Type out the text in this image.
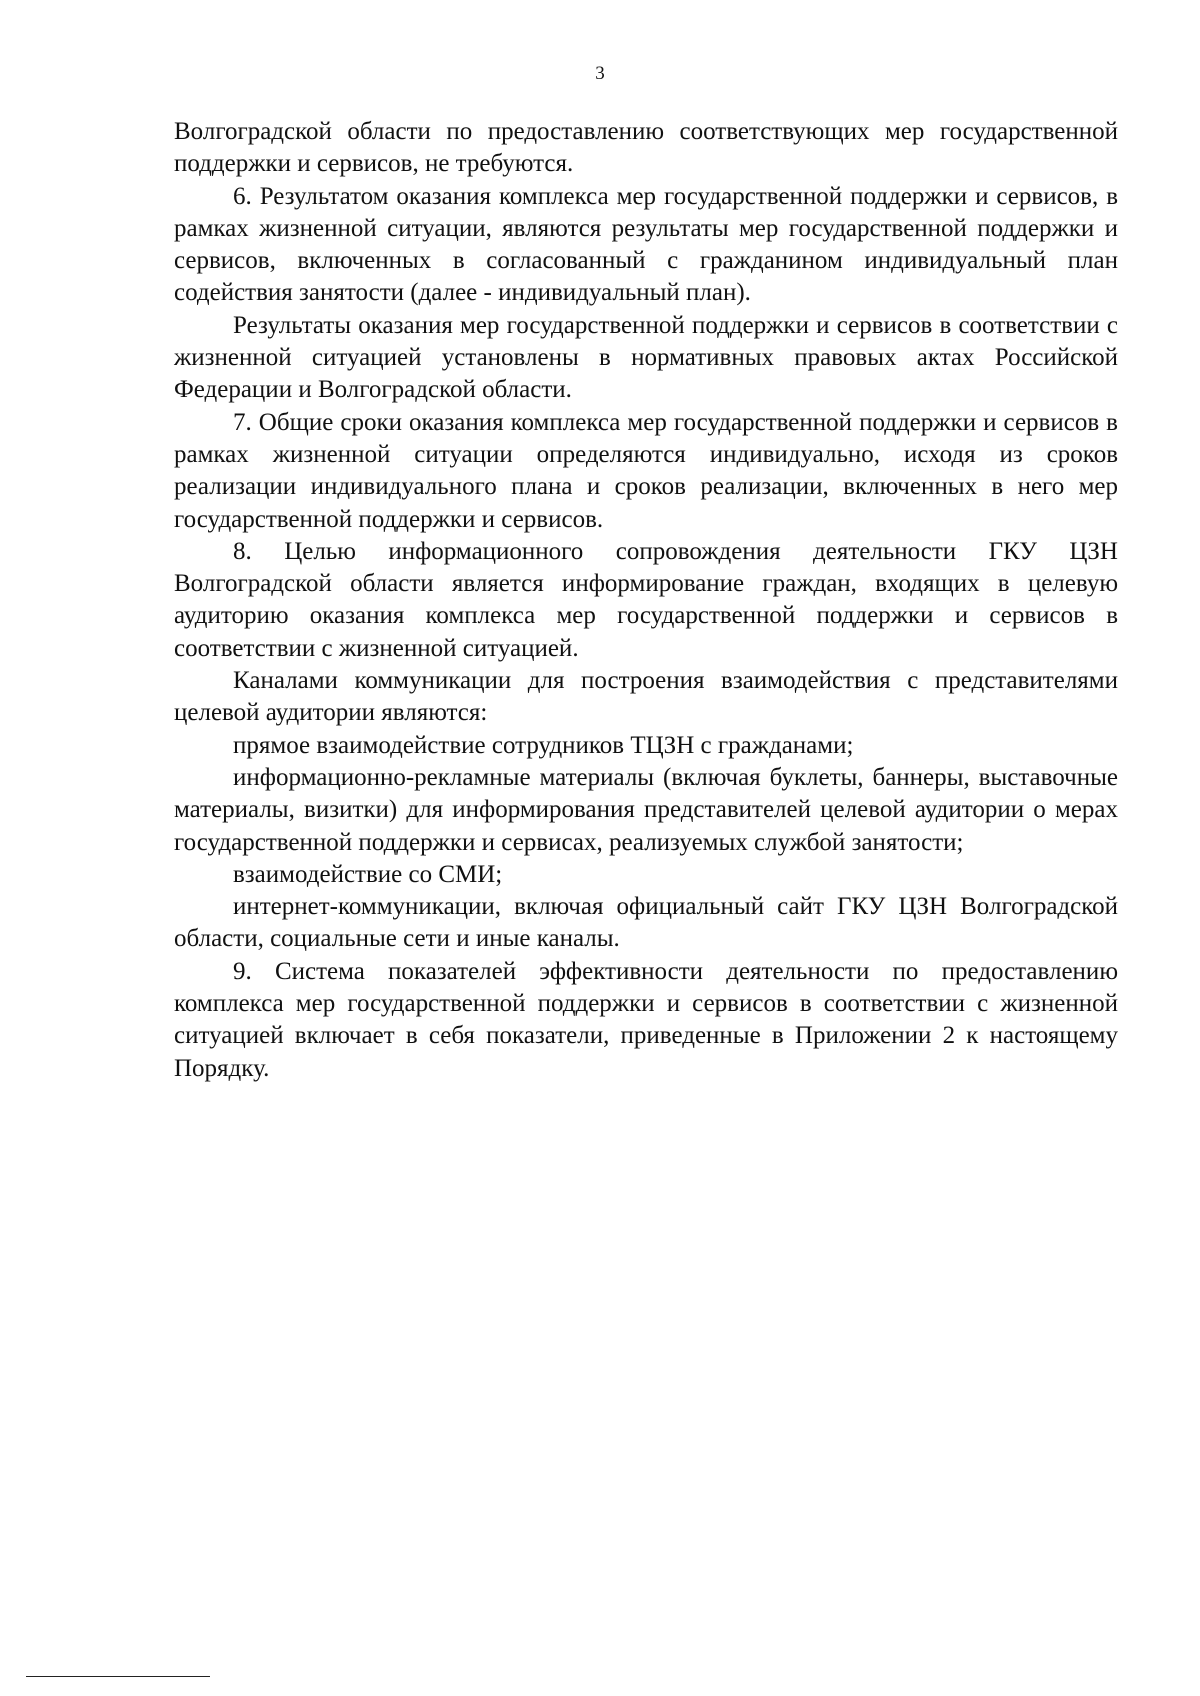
3

Волгоградской области по предоставлению соответствующих мер государственной поддержки и сервисов, не требуются.

6. Результатом оказания комплекса мер государственной поддержки и сервисов, в рамках жизненной ситуации, являются результаты мер государственной поддержки и сервисов, включенных в согласованный с гражданином индивидуальный план содействия занятости (далее - индивидуальный план).

Результаты оказания мер государственной поддержки и сервисов в соответствии с жизненной ситуацией установлены в нормативных правовых актах Российской Федерации и Волгоградской области.

7. Общие сроки оказания комплекса мер государственной поддержки и сервисов в рамках жизненной ситуации определяются индивидуально, исходя из сроков реализации индивидуального плана и сроков реализации, включенных в него мер государственной поддержки и сервисов.

8. Целью информационного сопровождения деятельности ГКУ ЦЗН Волгоградской области является информирование граждан, входящих в целевую аудиторию оказания комплекса мер государственной поддержки и сервисов в соответствии с жизненной ситуацией.

Каналами коммуникации для построения взаимодействия с представителями целевой аудитории являются:

прямое взаимодействие сотрудников ТЦЗН с гражданами;

информационно-рекламные материалы (включая буклеты, баннеры, выставочные материалы, визитки) для информирования представителей целевой аудитории о мерах государственной поддержки и сервисах, реализуемых службой занятости;

взаимодействие со СМИ;

интернет-коммуникации, включая официальный сайт ГКУ ЦЗН Волгоградской области, социальные сети и иные каналы.

9. Система показателей эффективности деятельности по предоставлению комплекса мер государственной поддержки и сервисов в соответствии с жизненной ситуацией включает в себя показатели, приведенные в Приложении 2 к настоящему Порядку.
